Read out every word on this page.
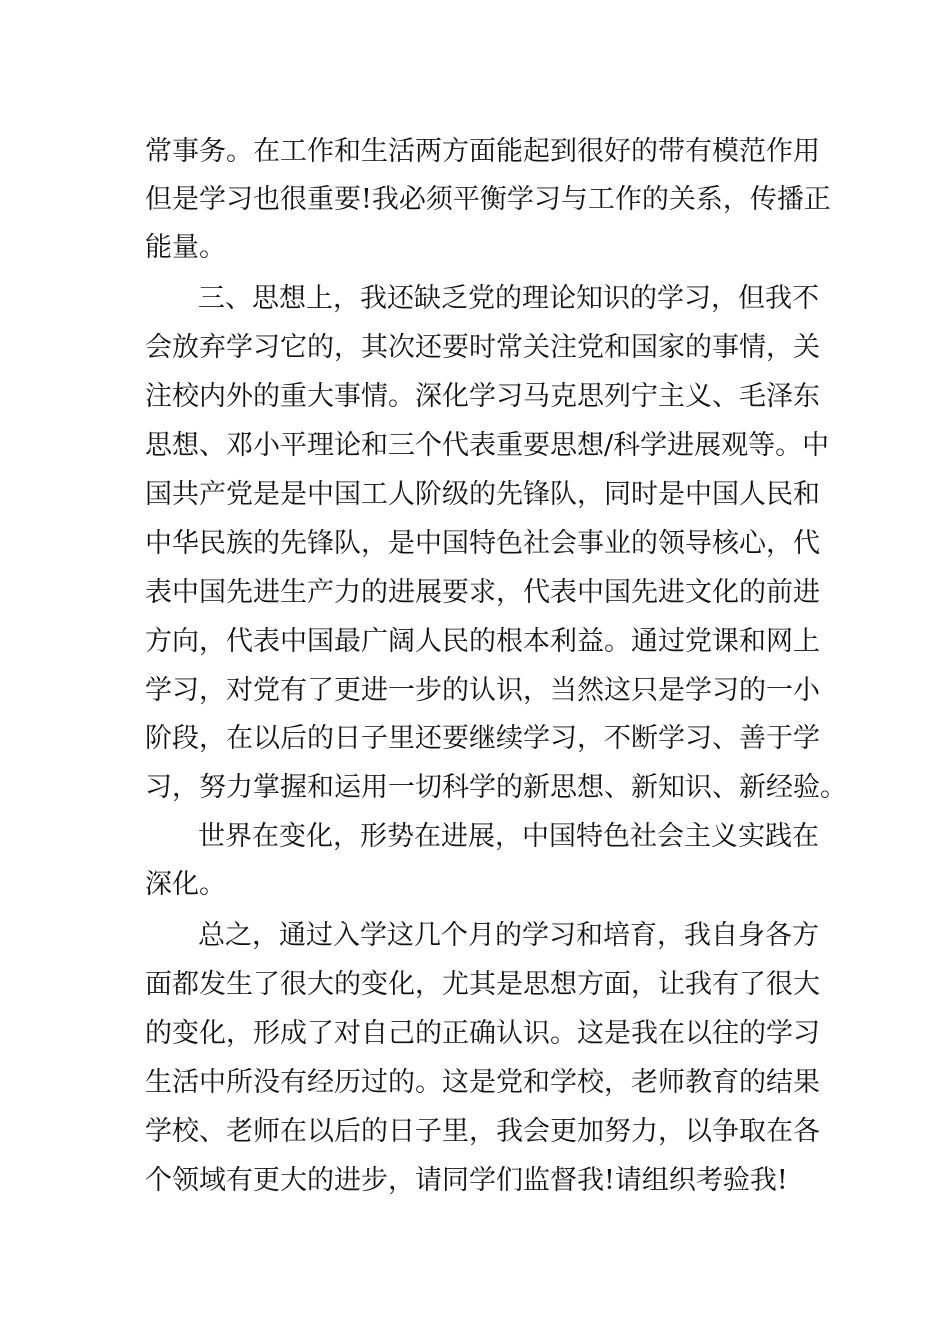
常事务。在工作和生活两方面能起到很好的带有模范作用
但是学习也很重要!我必须平衡学习与工作的关系，传播正
能量。
三、思想上，我还缺乏党的理论知识的学习，但我不
会放弃学习它的，其次还要时常关注党和国家的事情，关
注校内外的重大事情。深化学习马克思列宁主义、毛泽东
思想、邓小平理论和三个代表重要思想/科学进展观等。中
国共产党是是中国工人阶级的先锋队，同时是中国人民和
中华民族的先锋队，是中国特色社会事业的领导核心，代
表中国先进生产力的进展要求，代表中国先进文化的前进
方向，代表中国最广阔人民的根本利益。通过党课和网上
学习，对党有了更进一步的认识，当然这只是学习的一小
阶段，在以后的日子里还要继续学习，不断学习、善于学
习，努力掌握和运用一切科学的新思想、新知识、新经验。
世界在变化，形势在进展，中国特色社会主义实践在
深化。
总之，通过入学这几个月的学习和培育，我自身各方
面都发生了很大的变化，尤其是思想方面，让我有了很大
的变化，形成了对自己的正确认识。这是我在以往的学习
生活中所没有经历过的。这是党和学校，老师教育的结果
学校、老师在以后的日子里，我会更加努力，以争取在各
个领域有更大的进步，请同学们监督我!请组织考验我!
